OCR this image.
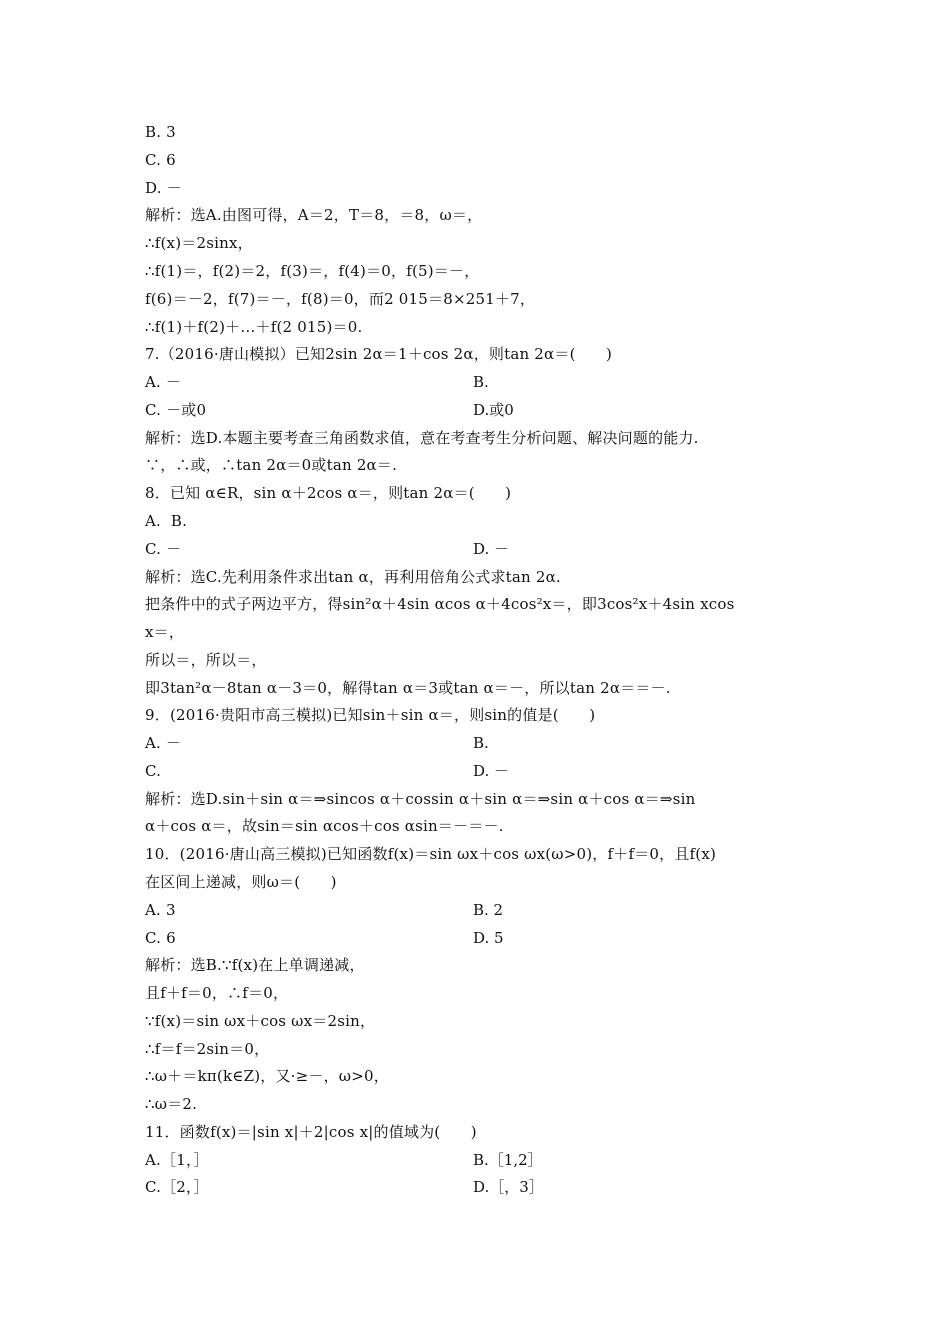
B. 3
C. 6
D. －
解析：选A.由图可得，A＝2，T＝8，＝8，ω＝，
∴f(x)＝2sinx，
∴f(1)＝，f(2)＝2，f(3)＝，f(4)＝0，f(5)＝－，
f(6)＝－2，f(7)＝－，f(8)＝0，而2 015＝8×251＋7，
∴f(1)＋f(2)＋…＋f(2 015)＝0.
7.（2016·唐山模拟）已知2sin 2α＝1＋cos 2α，则tan 2α＝(　　)
A. －	B.
C. －或0	D.或0
解析：选D.本题主要考查三角函数求值，意在考查考生分析问题、解决问题的能力.
∵，∴或，∴tan 2α＝0或tan 2α＝.
8．已知 α∈R，sin α＋2cos α＝，则tan 2α＝(　　)
A.  B.
C. －	D. －
解析：选C.先利用条件求出tan α，再利用倍角公式求tan 2α.
把条件中的式子两边平方，得sin²α＋4sin αcos α＋4cos²x＝，即3cos²x＋4sin xcos
x＝，
所以＝，所以＝，
即3tan²α－8tan α－3＝0，解得tan α＝3或tan α＝－，所以tan 2α＝＝－.
9．(2016·贵阳市高三模拟)已知sin＋sin α＝，则sin的值是(　　)
A. －	B.
C.	D. －
解析：选D.sin＋sin α＝⇒sincos α＋cossin α＋sin α＝⇒sin α＋cos α＝⇒sin
α＋cos α＝，故sin＝sin αcos＋cos αsin＝－＝－.
10．(2016·唐山高三模拟)已知函数f(x)＝sin ωx＋cos ωx(ω>0)，f＋f＝0，且f(x)
在区间上递减，则ω＝(　　)
A. 3	B. 2
C. 6	D. 5
解析：选B.∵f(x)在上单调递减，
且f＋f＝0，∴f＝0，
∵f(x)＝sin ωx＋cos ωx＝2sin，
∴f＝f＝2sin＝0，
∴ω＋＝kπ(k∈Z)，又·≥－，ω>0，
∴ω＝2.
11．函数f(x)＝|sin x|＋2|cos x|的值域为(　　)
A.［1，］	B.［1,2］
C.［2，］	D.［，3］
